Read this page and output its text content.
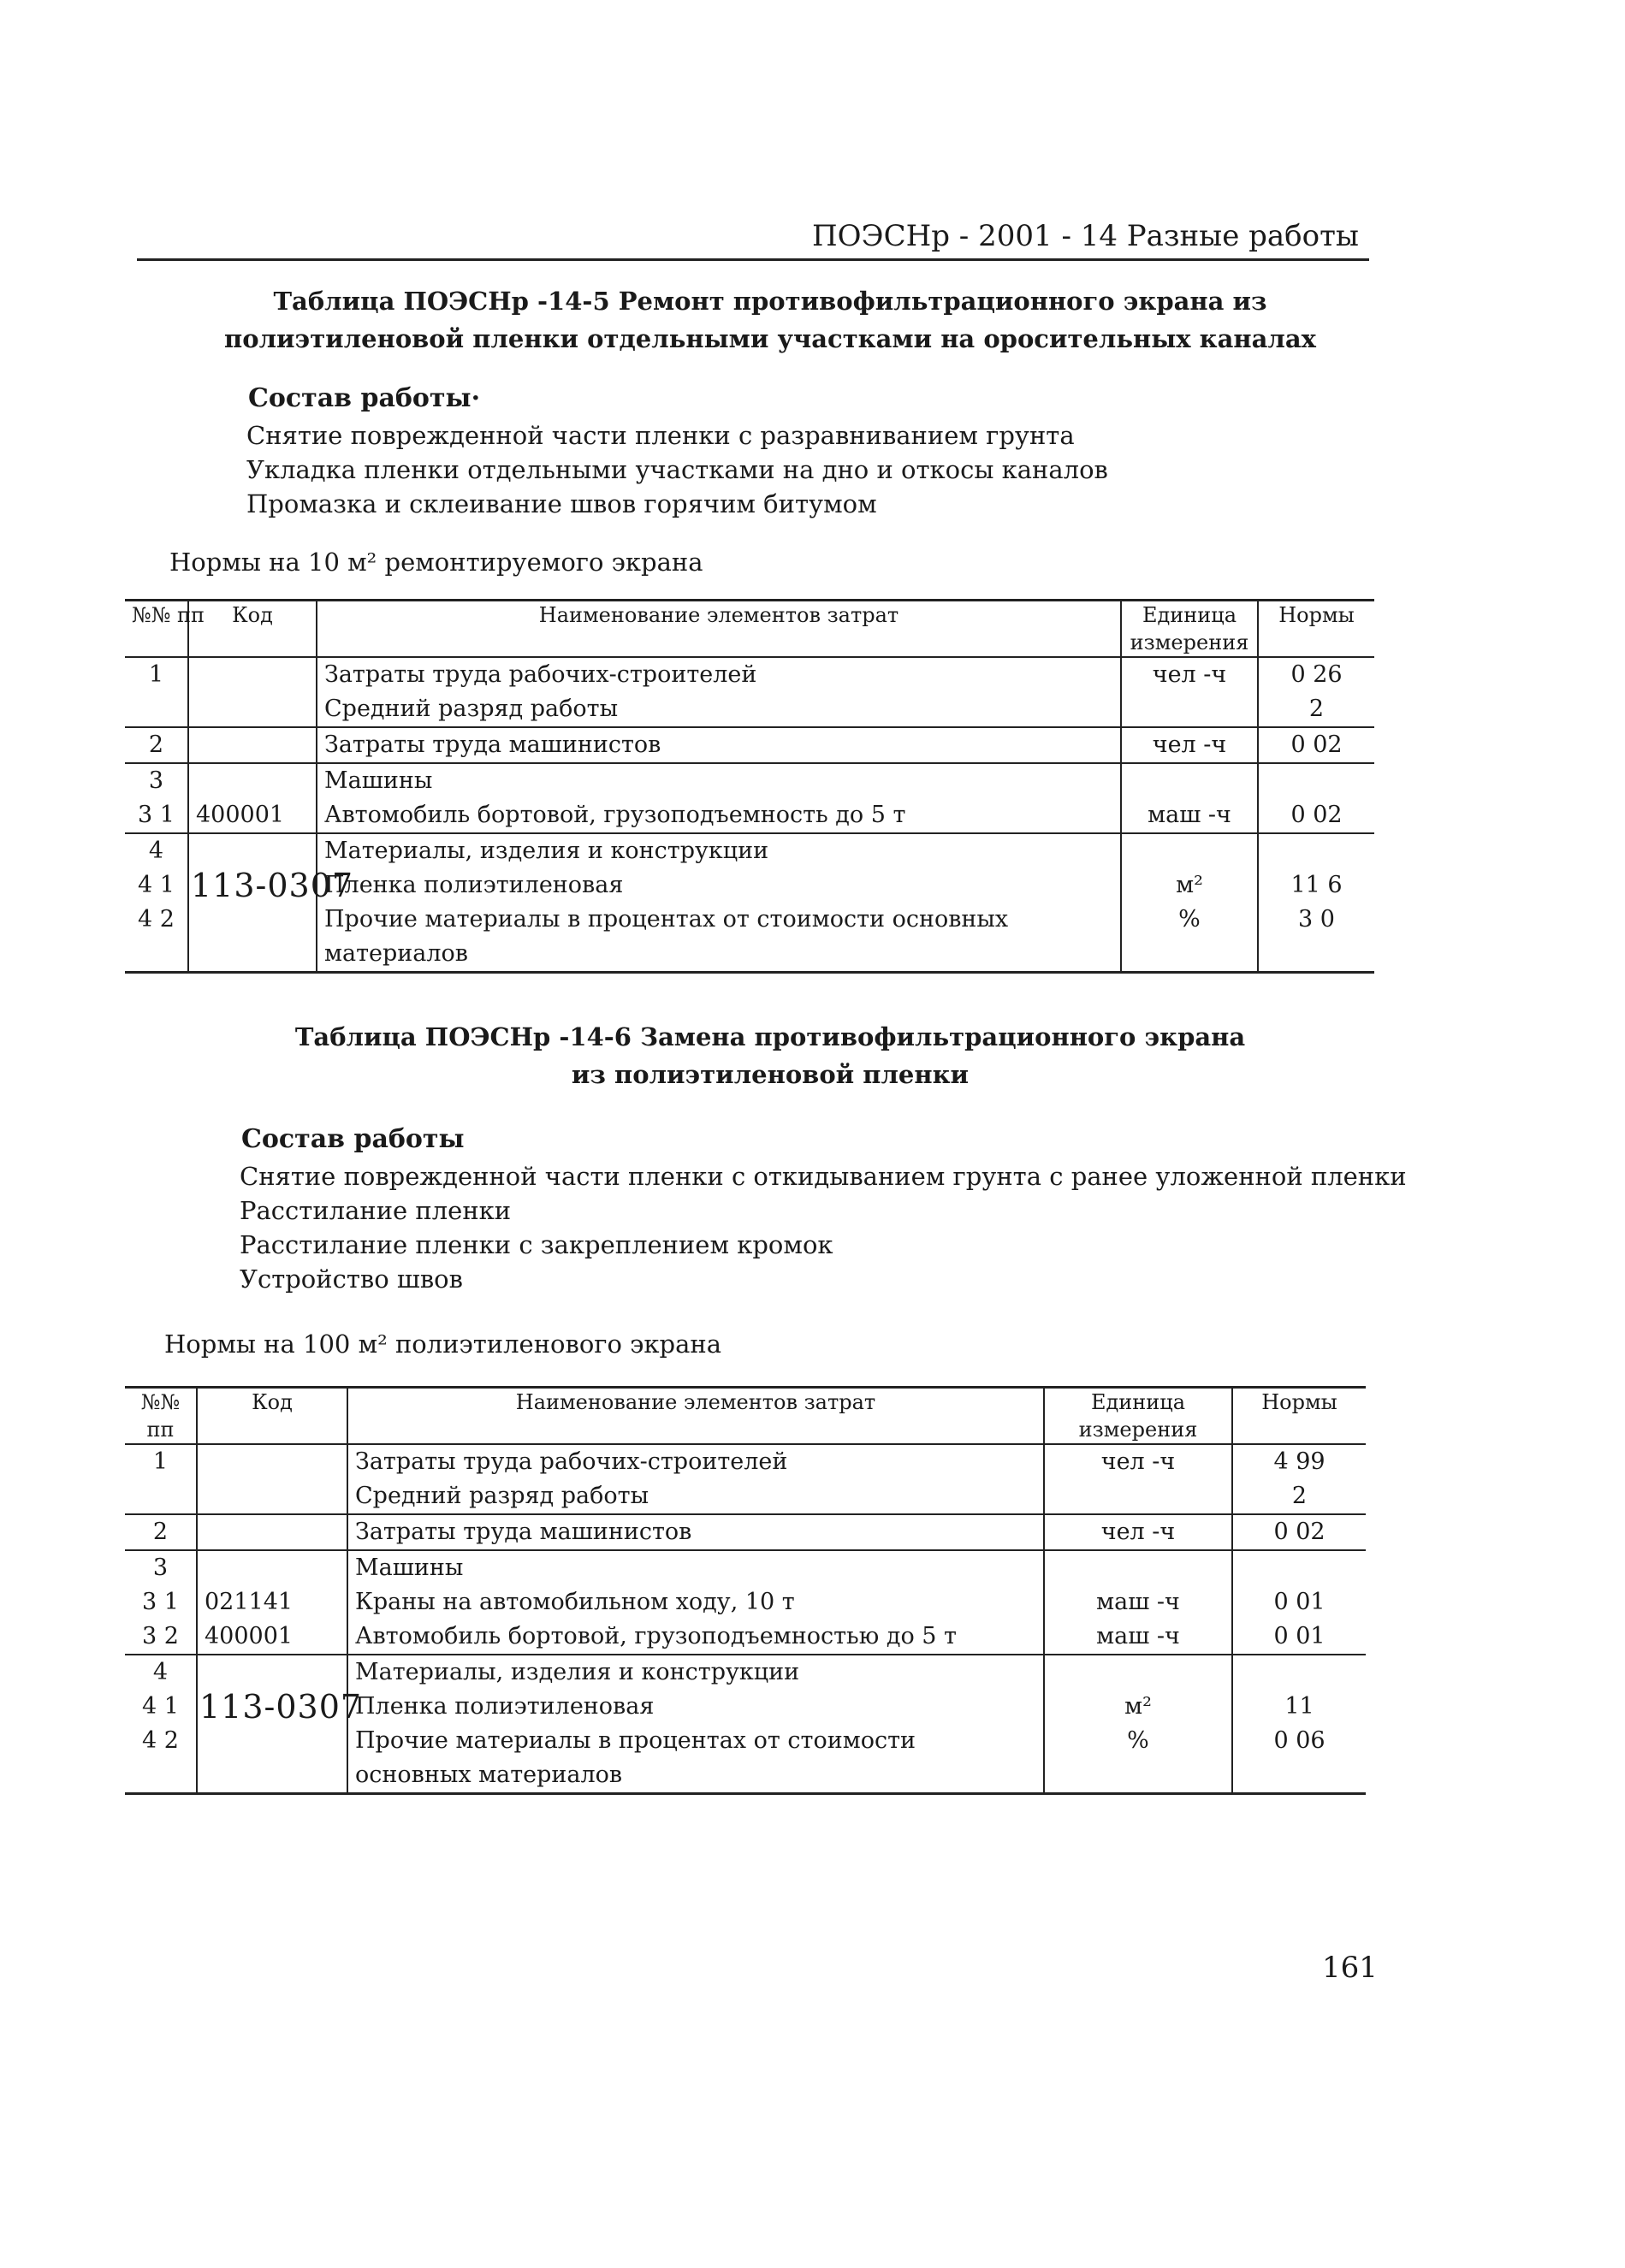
ПОЭСНр - 2001 - 14 Разные работы
Таблица ПОЭСНр -14-5 Ремонт противофильтрационного экрана из
полиэтиленовой пленки отдельными участками на оросительных каналах
Состав работы·
Снятие поврежденной части пленки с разравниванием грунта
Укладка пленки отдельными участками на дно и откосы каналов
Промазка и склеивание швов горячим битумом
Нормы на 10 м² ремонтируемого экрана
№№ пп	Код	Наименование элементов затрат	Единица измерения	Нормы
1		Затраты труда рабочих-строителей	чел -ч	0 26
		Средний разряд работы		2
2		Затраты труда машинистов	чел -ч	0 02
3		Машины		
3 1	400001	Автомобиль бортовой, грузоподъемность до 5 т	маш -ч	0 02
4		Материалы, изделия и конструкции		
4 1	113-0307	Пленка полиэтиленовая	м²	11 6
4 2		Прочие материалы в процентах от стоимости основных	%	3 0
		материалов		
Таблица ПОЭСНр -14-6 Замена противофильтрационного экрана
из полиэтиленовой пленки
Состав работы
Снятие поврежденной части пленки с откидыванием грунта с ранее уложенной пленки
Расстилание пленки
Расстилание пленки с закреплением кромок
Устройство швов
Нормы на 100 м² полиэтиленового экрана
№№ пп	Код	Наименование элементов затрат	Единица измерения	Нормы
1		Затраты труда рабочих-строителей	чел -ч	4 99
		Средний разряд работы		2
2		Затраты труда машинистов	чел -ч	0 02
3		Машины		
3 1	021141	Краны на автомобильном ходу, 10 т	маш -ч	0 01
3 2	400001	Автомобиль бортовой, грузоподъемностью до 5 т	маш -ч	0 01
4		Материалы, изделия и конструкции		
4 1	113-0307	Пленка полиэтиленовая	м²	11
4 2		Прочие материалы в процентах от стоимости	%	0 06
		основных материалов		
161
